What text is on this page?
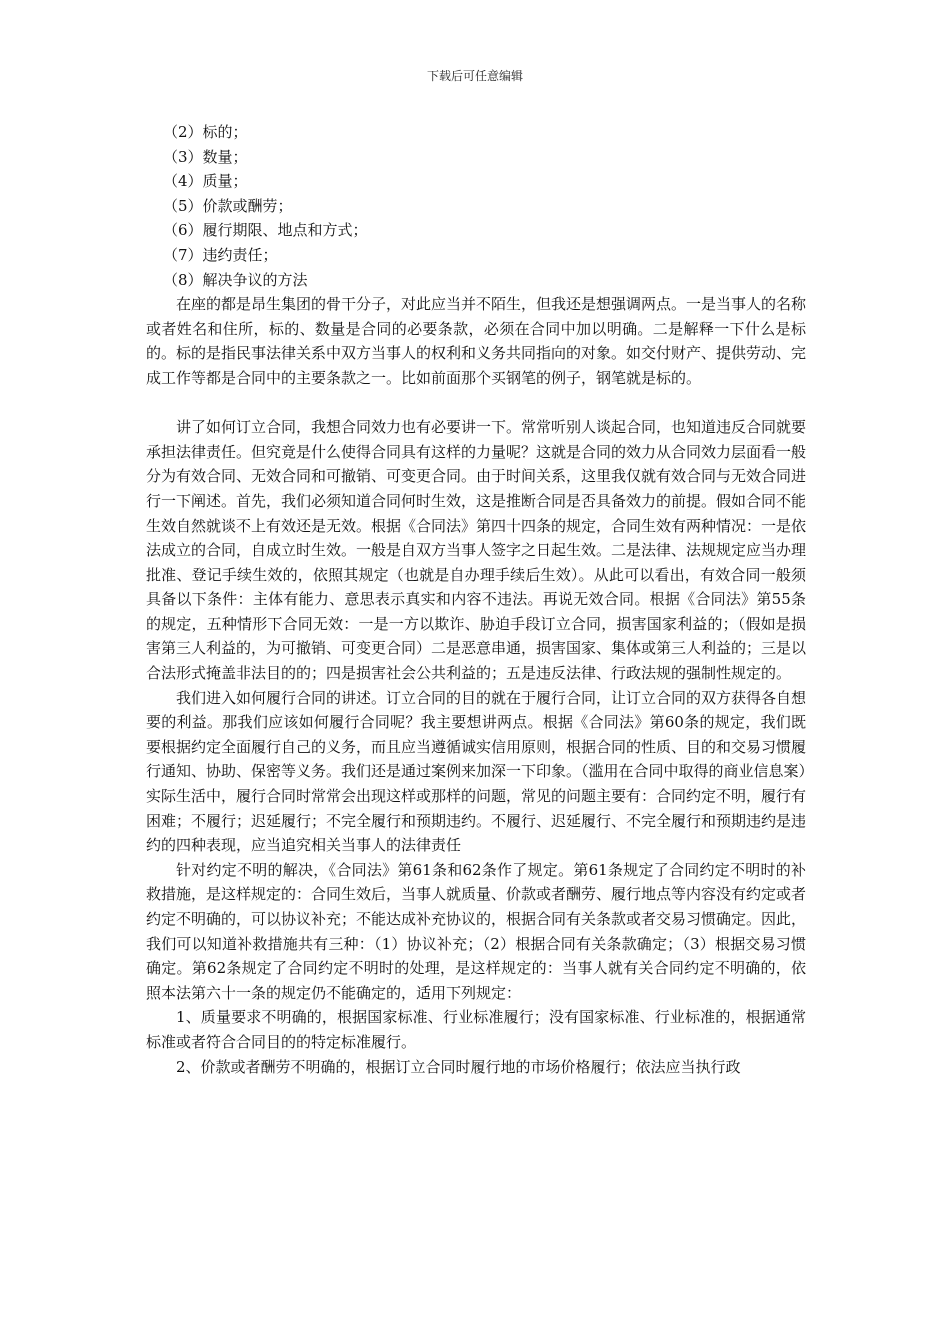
下载后可任意编辑

（2）标的；

（3）数量；

（4）质量；

（5）价款或酬劳；

（6）履行期限、地点和方式；

（7）违约责任；

（8）解决争议的方法

在座的都是昂生集团的骨干分子，对此应当并不陌生，但我还是想强调两点。一是当事人的名称或者姓名和住所，标的、数量是合同的必要条款，必须在合同中加以明确。二是解释一下什么是标的。标的是指民事法律关系中双方当事人的权利和义务共同指向的对象。如交付财产、提供劳动、完成工作等都是合同中的主要条款之一。比如前面那个买钢笔的例子，钢笔就是标的。

讲了如何订立合同，我想合同效力也有必要讲一下。常常听别人谈起合同，也知道违反合同就要承担法律责任。但究竟是什么使得合同具有这样的力量呢？这就是合同的效力从合同效力层面看一般分为有效合同、无效合同和可撤销、可变更合同。由于时间关系，这里我仅就有效合同与无效合同进行一下阐述。首先，我们必须知道合同何时生效，这是推断合同是否具备效力的前提。假如合同不能生效自然就谈不上有效还是无效。根据《合同法》第四十四条的规定，合同生效有两种情况：一是依法成立的合同，自成立时生效。一般是自双方当事人签字之日起生效。二是法律、法规规定应当办理批准、登记手续生效的，依照其规定（也就是自办理手续后生效）。从此可以看出，有效合同一般须具备以下条件：主体有能力、意思表示真实和内容不违法。再说无效合同。根据《合同法》第55条的规定，五种情形下合同无效：一是一方以欺诈、胁迫手段订立合同，损害国家利益的；（假如是损害第三人利益的，为可撤销、可变更合同）二是恶意串通，损害国家、集体或第三人利益的；三是以合法形式掩盖非法目的的；四是损害社会公共利益的；五是违反法律、行政法规的强制性规定的。

我们进入如何履行合同的讲述。订立合同的目的就在于履行合同，让订立合同的双方获得各自想要的利益。那我们应该如何履行合同呢？我主要想讲两点。根据《合同法》第60条的规定，我们既要根据约定全面履行自己的义务，而且应当遵循诚实信用原则，根据合同的性质、目的和交易习惯履行通知、协助、保密等义务。我们还是通过案例来加深一下印象。（滥用在合同中取得的商业信息案）实际生活中，履行合同时常常会出现这样或那样的问题，常见的问题主要有：合同约定不明，履行有困难；不履行；迟延履行；不完全履行和预期违约。不履行、迟延履行、不完全履行和预期违约是违约的四种表现，应当追究相关当事人的法律责任

针对约定不明的解决，《合同法》第61条和62条作了规定。第61条规定了合同约定不明时的补救措施，是这样规定的：合同生效后，当事人就质量、价款或者酬劳、履行地点等内容没有约定或者约定不明确的，可以协议补充；不能达成补充协议的，根据合同有关条款或者交易习惯确定。因此，我们可以知道补救措施共有三种：（1）协议补充；（2）根据合同有关条款确定；（3）根据交易习惯确定。第62条规定了合同约定不明时的处理，是这样规定的：当事人就有关合同约定不明确的，依照本法第六十一条的规定仍不能确定的，适用下列规定：

1、质量要求不明确的，根据国家标准、行业标准履行；没有国家标准、行业标准的，根据通常标准或者符合合同目的的特定标准履行。

2、价款或者酬劳不明确的，根据订立合同时履行地的市场价格履行；依法应当执行政
